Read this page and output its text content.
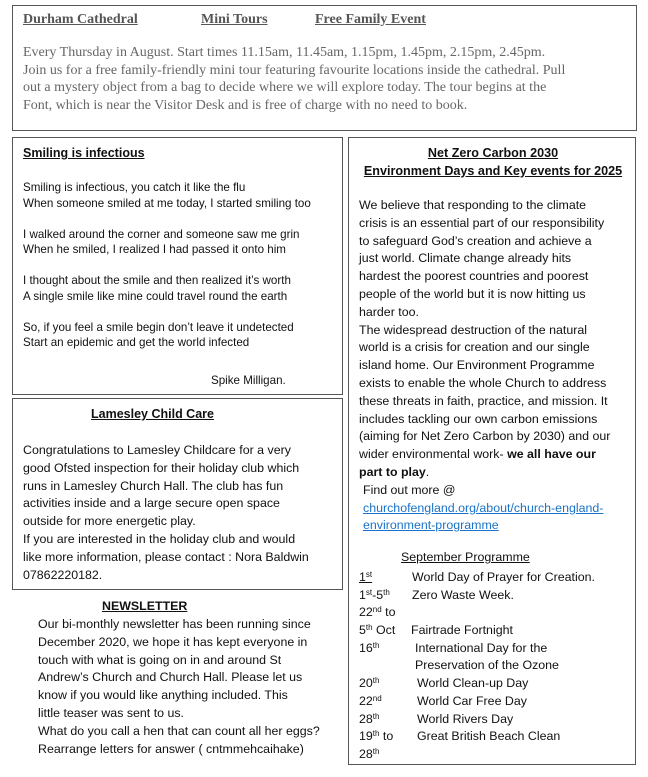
Durham Cathedral	Mini Tours	Free Family Event
Every Thursday in August. Start times 11.15am, 11.45am, 1.15pm, 1.45pm, 2.15pm, 2.45pm.
Join us for a free family-friendly mini tour featuring favourite locations inside the cathedral. Pull
out a mystery object from a bag to decide where we will explore today. The tour begins at the
Font, which is near the Visitor Desk and is free of charge with no need to book.
Smiling is infectious

Smiling is infectious, you catch it like the flu
When someone smiled at me today, I started smiling too

I walked around the corner and someone saw me grin
When he smiled, I realized I had passed it onto him

I thought about the smile and then realized it’s worth
A single smile like mine could travel round the earth

So, if you feel a smile begin don’t leave it undetected
Start an epidemic and get the world infected

Spike Milligan.
Lamesley Child Care
Congratulations to Lamesley Childcare for a very
good Ofsted inspection for their holiday club which
runs in Lamesley Church Hall. The club has fun
activities inside and a large secure open space
outside for more energetic play.
If you are interested in the holiday club and would
like more information, please contact : Nora Baldwin
07862220182.
NEWSLETTER
Our bi-monthly newsletter has been running since
December 2020, we hope it has kept everyone in
touch with what is going on in and around St
Andrew’s Church and Church Hall. Please let us
know if you would like anything included. This
little teaser was sent to us.
What do you call a hen that can count all her eggs?
Rearrange letters for answer ( cntmmehcaihake)
Net Zero Carbon 2030
Environment Days and Key events for 2025
We believe that responding to the climate
crisis is an essential part of our responsibility
to safeguard God’s creation and achieve a
just world. Climate change already hits
hardest the poorest countries and poorest
people of the world but it is now hitting us
harder too.
The widespread destruction of the natural
world is a crisis for creation and our single
island home. Our Environment Programme
exists to enable the whole Church to address
these threats in faith, practice, and mission. It
includes tackling our own carbon emissions
(aiming for Net Zero Carbon by 2030) and our
wider environmental work- we all have our
part to play.
Find out more @
churchofengland.org/about/church-england-
environment-programme
September Programme
1st	World Day of Prayer for Creation.
1st-5th Zero Waste Week.
22nd to
5th Oct Fairtrade Fortnight
16th	International Day for the
Preservation of the Ozone
20th	World Clean-up Day
22nd	World Car Free Day
28th	World Rivers Day
19th to Great British Beach Clean
28th
